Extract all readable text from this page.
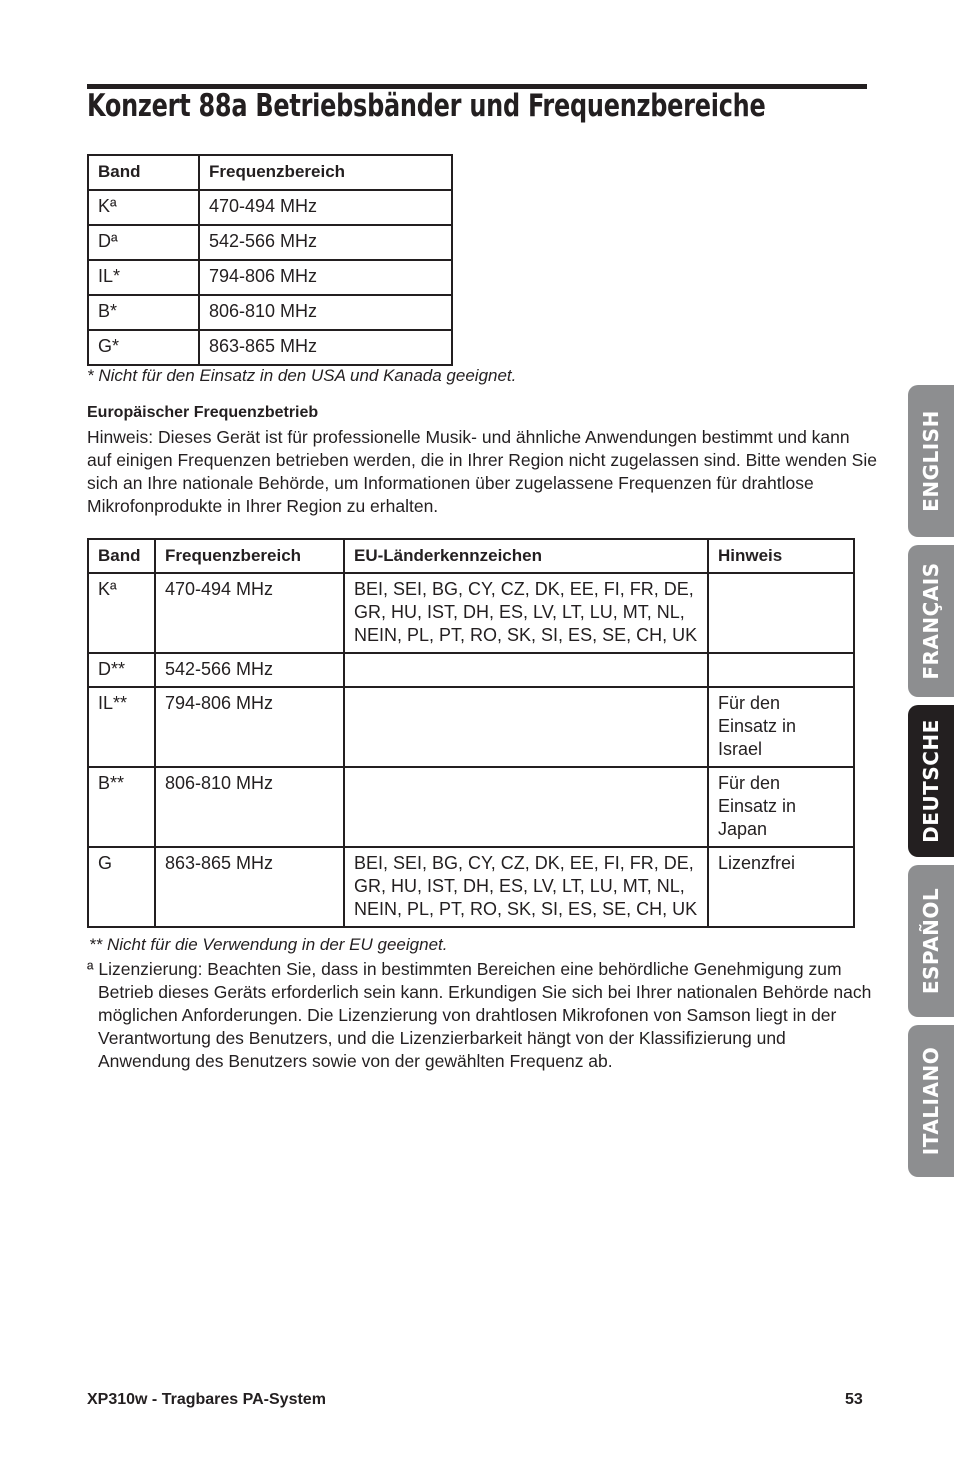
Konzert 88a Betriebsbänder und Frequenzbereiche
Band	Frequenzbereich
Kª	470-494 MHz
Dª	542-566 MHz
IL*	794-806 MHz
B*	806-810 MHz
G*	863-865 MHz
* Nicht für den Einsatz in den USA und Kanada geeignet.
Europäischer Frequenzbetrieb

Hinweis: Dieses Gerät ist für professionelle Musik- und ähnliche Anwendungen bestimmt und kann auf einigen Frequenzen betrieben werden, die in Ihrer Region nicht zugelassen sind. Bitte wenden Sie sich an Ihre nationale Behörde, um Informationen über zugelassene Frequenzen für drahtlose Mikrofonprodukte in Ihrer Region zu erhalten.

Band	Frequenzbereich	EU-Länderkennzeichen	Hinweis
Kª	470-494 MHz	BEI, SEI, BG, CY, CZ, DK, EE, FI, FR, DE, GR, HU, IST, DH, ES, LV, LT, LU, MT, NL, NEIN, PL, PT, RO, SK, SI, ES, SE, CH, UK	
D**	542-566 MHz		
IL**	794-806 MHz		Für den Einsatz in Israel
B**	806-810 MHz		Für den Einsatz in Japan
G	863-865 MHz	BEI, SEI, BG, CY, CZ, DK, EE, FI, FR, DE, GR, HU, IST, DH, ES, LV, LT, LU, MT, NL, NEIN, PL, PT, RO, SK, SI, ES, SE, CH, UK	Lizenzfrei
** Nicht für die Verwendung in der EU geeignet.

ª Lizenzierung: Beachten Sie, dass in bestimmten Bereichen eine behördliche Genehmigung zum Betrieb dieses Geräts erforderlich sein kann. Erkundigen Sie sich bei Ihrer nationalen Behörde nach möglichen Anforderungen. Die Lizenzierung von drahtlosen Mikrofonen von Samson liegt in der Verantwortung des Benutzers, und die Lizenzierbarkeit hängt von der Klassifizierung und Anwendung des Benutzers sowie von der gewählten Frequenz ab.

XP310w - Tragbares PA-System	53
ENGLISH
FRANÇAIS
DEUTSCHE
ESPAÑOL
ITALIANO
